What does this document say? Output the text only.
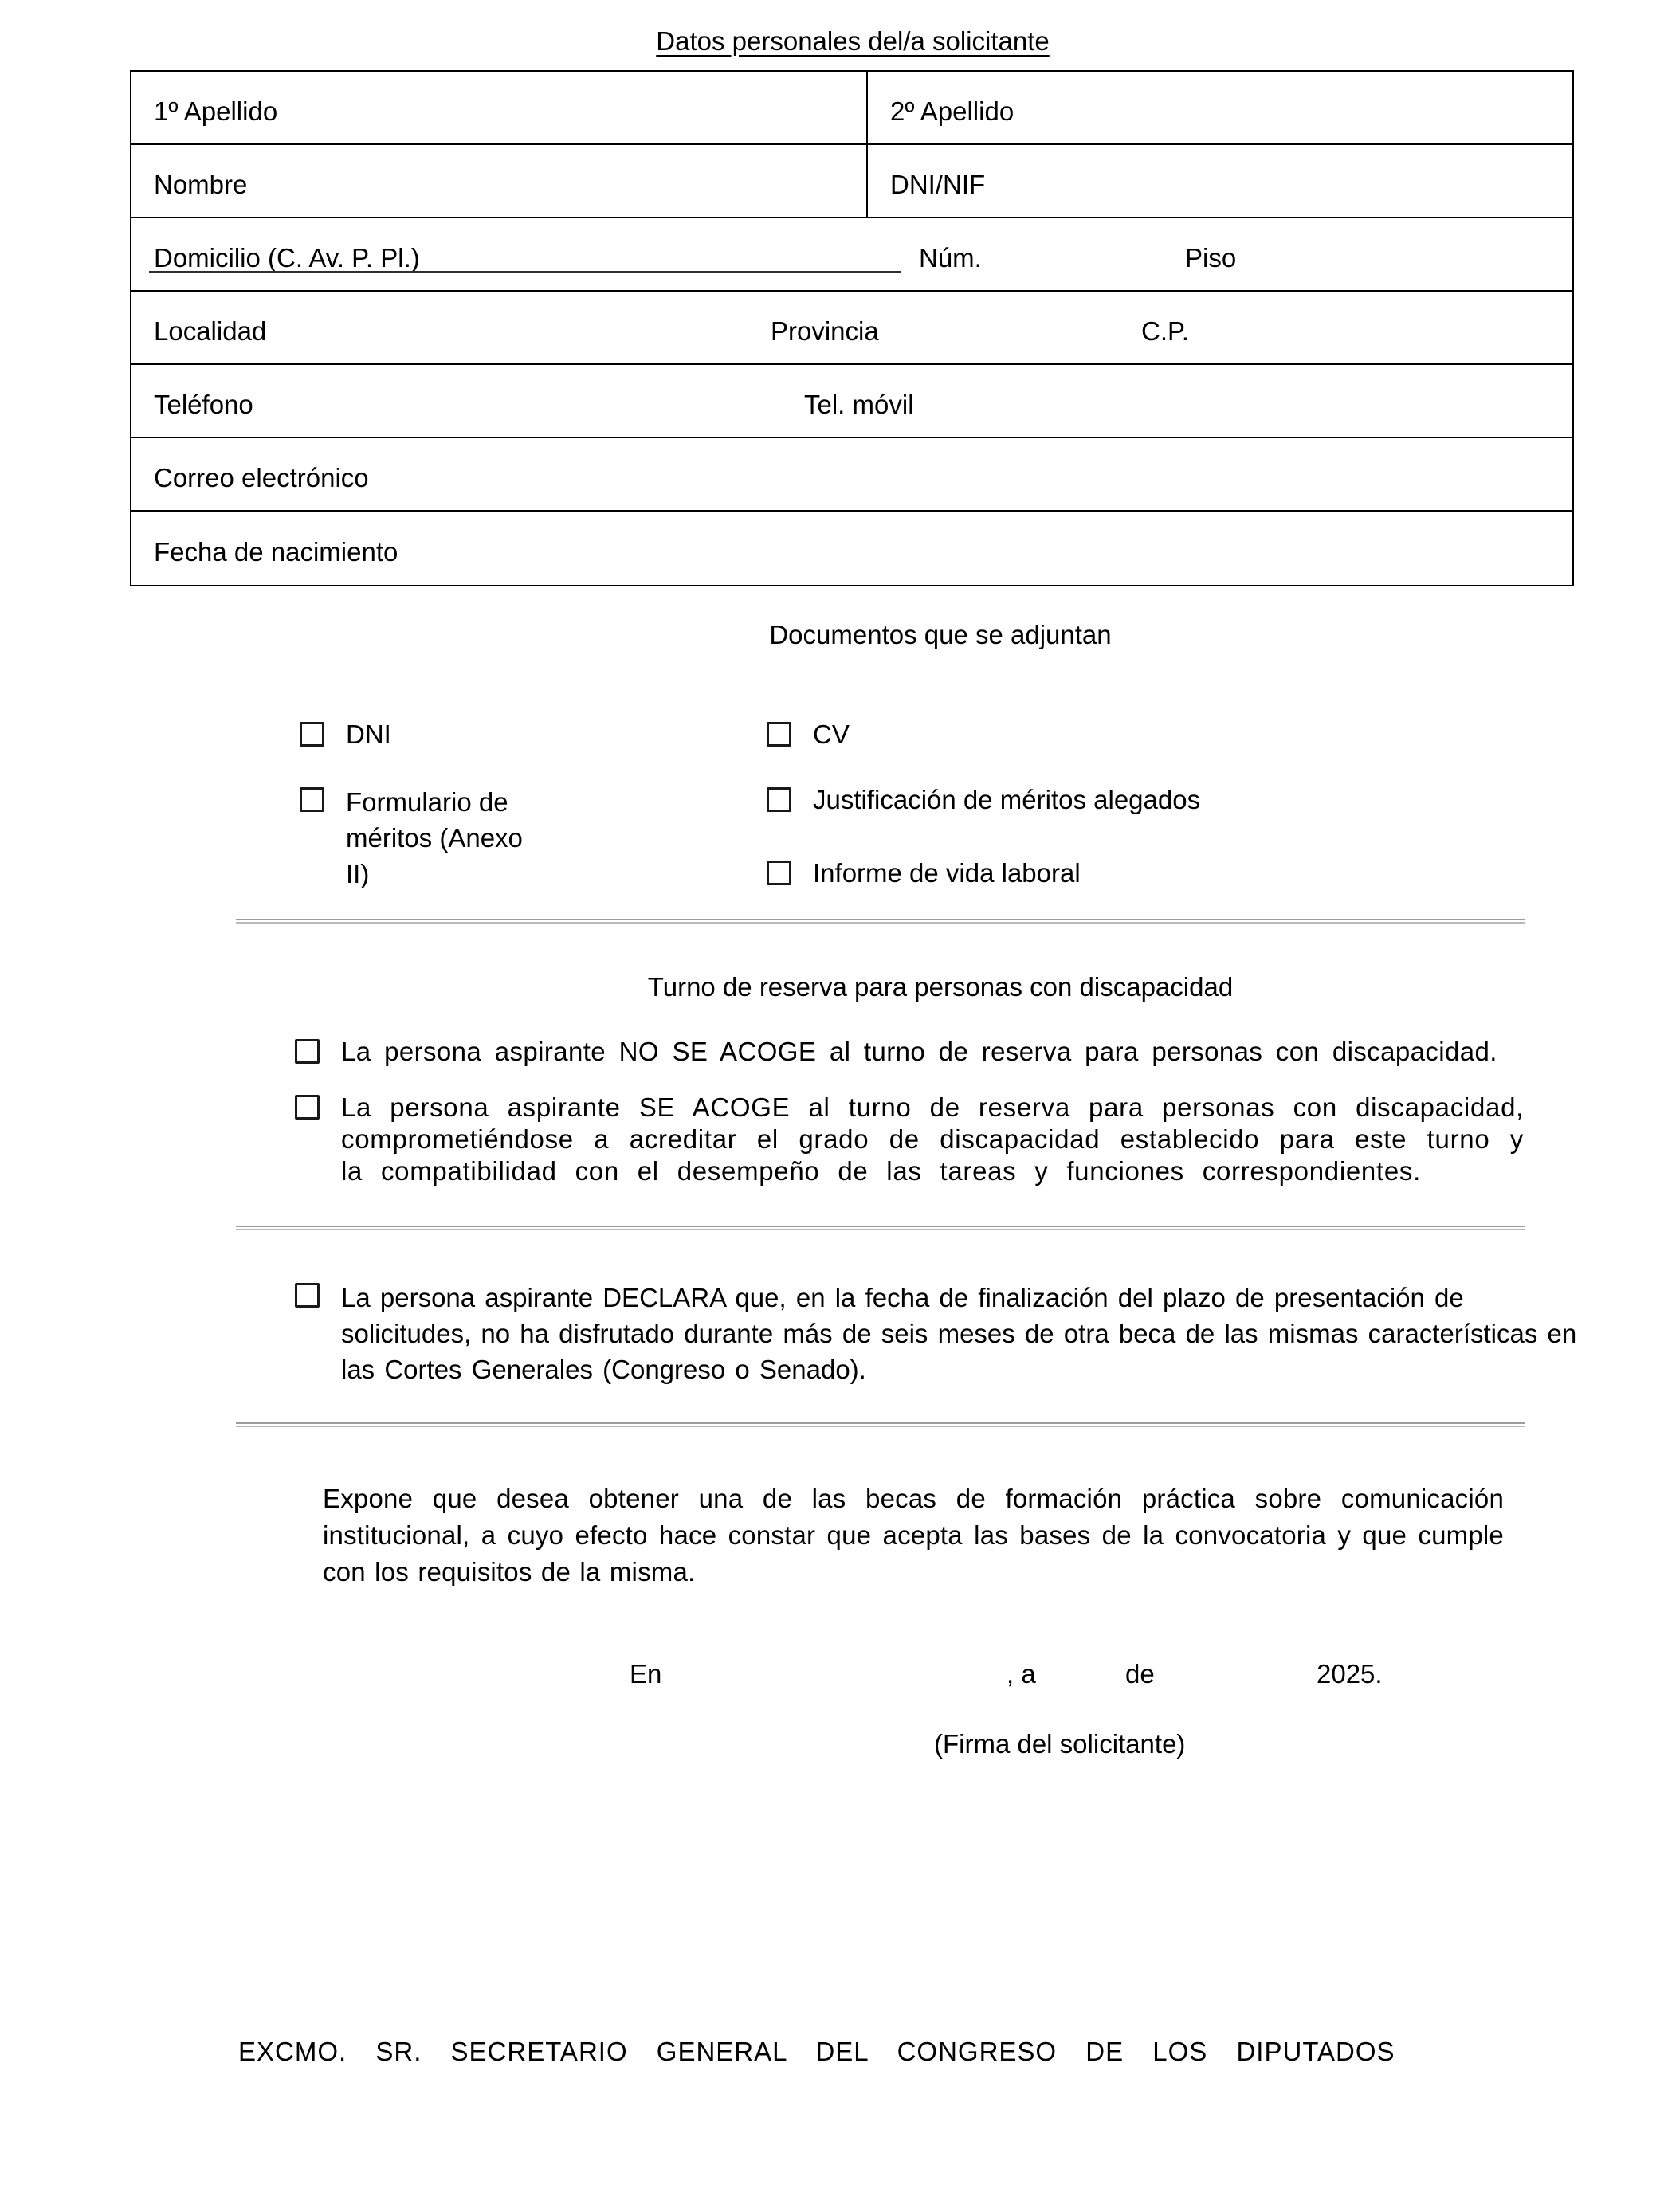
Datos personales del/a solicitante
1º Apellido	2º Apellido
Nombre	DNI/NIF
Domicilio (C. Av. P. Pl.)	Núm.	Piso
Localidad	Provincia	C.P.
Teléfono	Tel. móvil
Correo electrónico
Fecha de nacimiento
Documentos que se adjuntan
DNI	CV
Formulario de méritos (Anexo II)
Justificación de méritos alegados
Informe de vida laboral
Turno de reserva para personas con discapacidad
La persona aspirante NO SE ACOGE al turno de reserva para personas con discapacidad.
La persona aspirante SE ACOGE al turno de reserva para personas con discapacidad, comprometiéndose a acreditar el grado de discapacidad establecido para este turno y la compatibilidad con el desempeño de las tareas y funciones correspondientes.
La persona aspirante DECLARA que, en la fecha de finalización del plazo de presentación de solicitudes, no ha disfrutado durante más de seis meses de otra beca de las mismas características en las Cortes Generales (Congreso o Senado).
Expone que desea obtener una de las becas de formación práctica sobre comunicación institucional, a cuyo efecto hace constar que acepta las bases de la convocatoria y que cumple con los requisitos de la misma.
En	, a	de	2025.
(Firma del solicitante)
EXCMO. SR. SECRETARIO GENERAL DEL CONGRESO DE LOS DIPUTADOS
